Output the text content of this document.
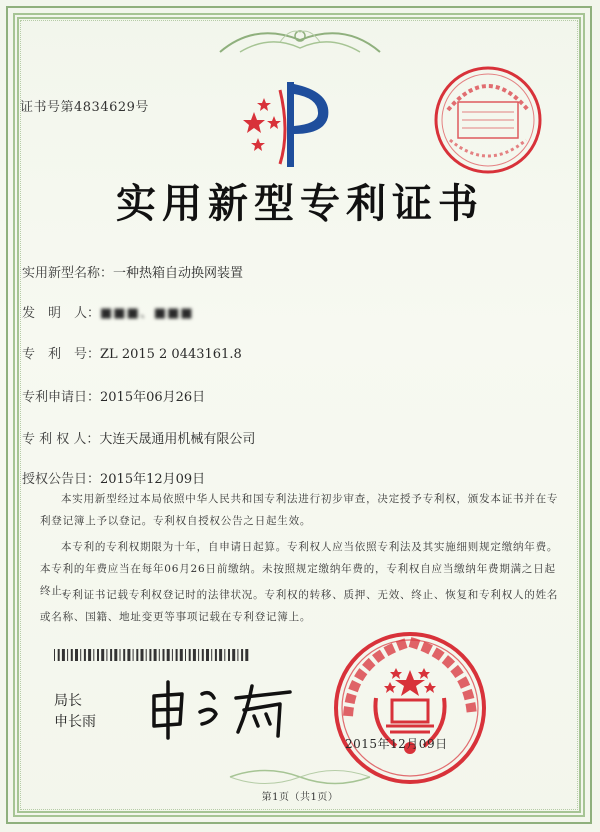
证书号第4834629号
实用新型专利证书
实用新型名称：一种热箱自动换网装置
发　明　人：■■■、■■■
专　利　号：ZL 2015 2 0443161.8
专利申请日：2015年06月26日
专 利 权 人：大连天晟通用机械有限公司
授权公告日：2015年12月09日
本实用新型经过本局依照中华人民共和国专利法进行初步审查，决定授予专利权，颁发本证书并在专利登记簿上予以登记。专利权自授权公告之日起生效。
本专利的专利权期限为十年，自申请日起算。专利权人应当依照专利法及其实施细则规定缴纳年费。本专利的年费应当在每年06月26日前缴纳。未按照规定缴纳年费的，专利权自应当缴纳年费期满之日起终止。
专利证书记载专利权登记时的法律状况。专利权的转移、质押、无效、终止、恢复和专利权人的姓名或名称、国籍、地址变更等事项记载在专利登记簿上。
局长
申长雨
2015年12月09日
第1页（共1页）
